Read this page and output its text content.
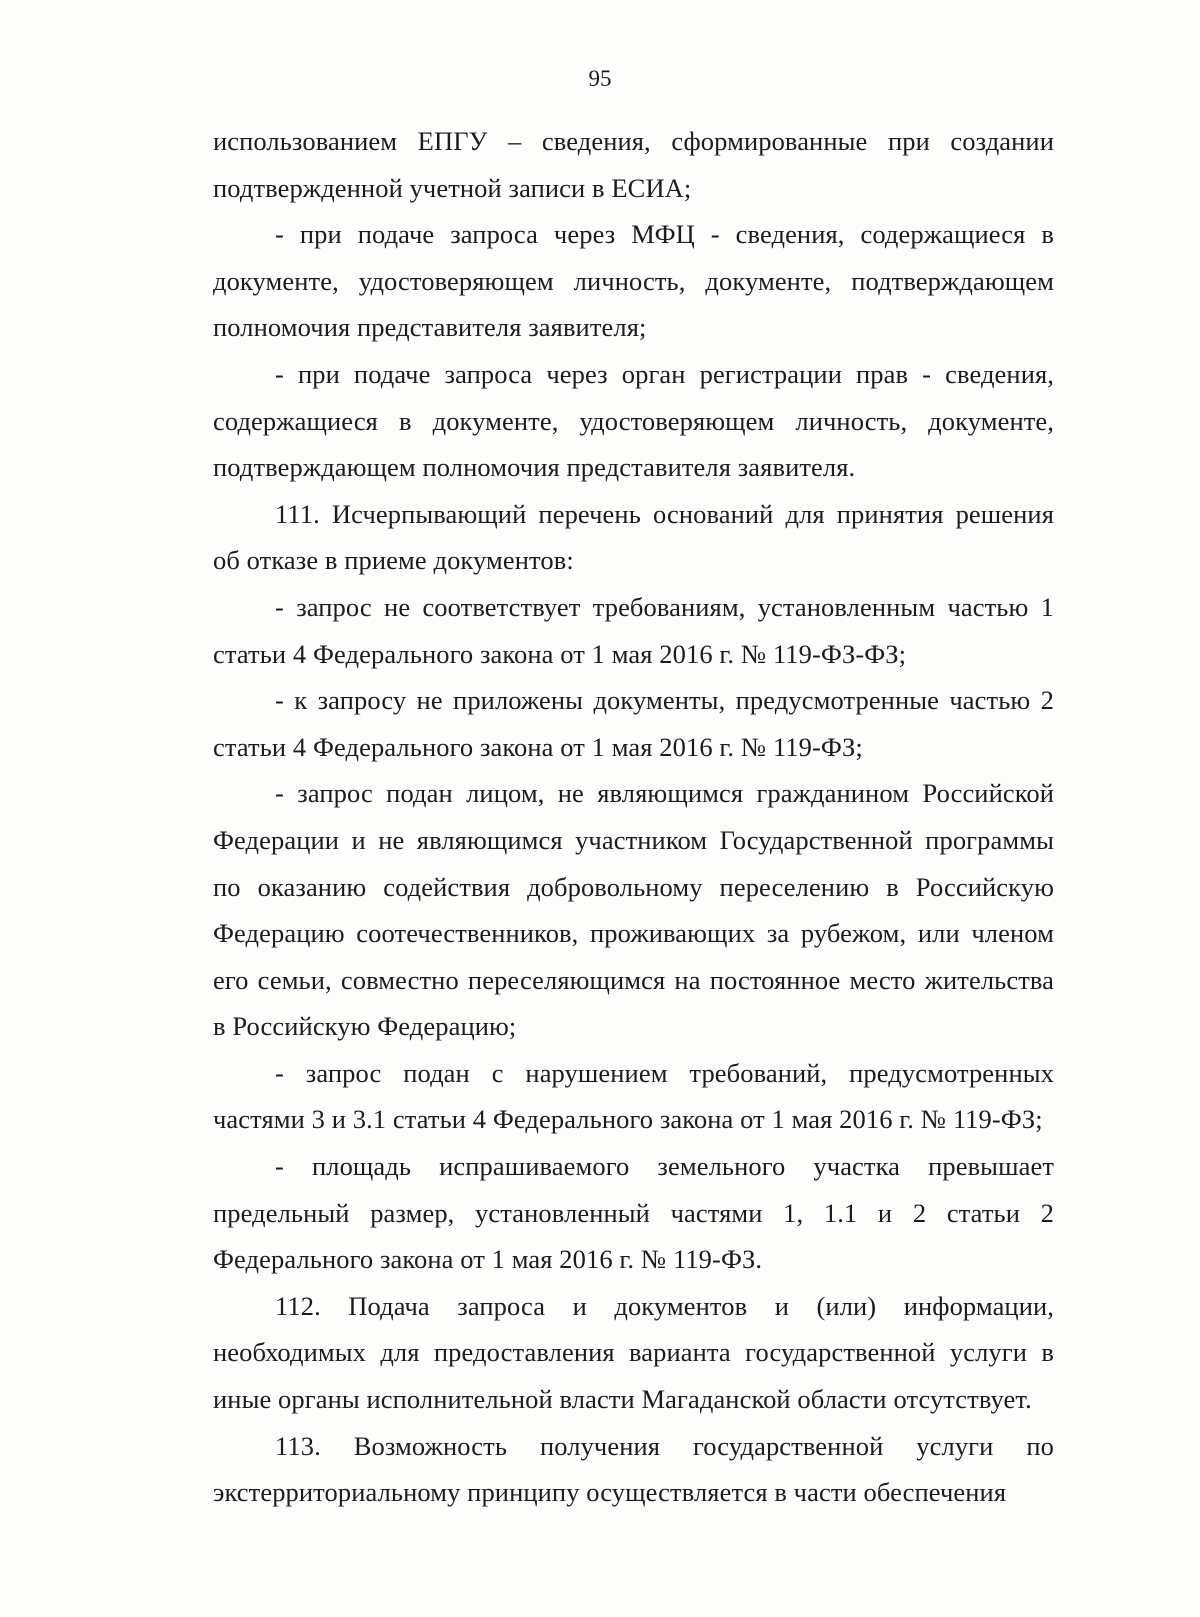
95

использованием ЕПГУ – сведения, сформированные при создании подтвержденной учетной записи в ЕСИА;

- при подаче запроса через МФЦ - сведения, содержащиеся в документе, удостоверяющем личность, документе, подтверждающем полномочия представителя заявителя;

- при подаче запроса через орган регистрации прав - сведения, содержащиеся в документе, удостоверяющем личность, документе, подтверждающем полномочия представителя заявителя.

111. Исчерпывающий перечень оснований для принятия решения об отказе в приеме документов:

- запрос не соответствует требованиям, установленным частью 1 статьи 4 Федерального закона от 1 мая 2016 г. № 119-ФЗ-ФЗ;

- к запросу не приложены документы, предусмотренные частью 2 статьи 4 Федерального закона от 1 мая 2016 г. № 119-ФЗ;

- запрос подан лицом, не являющимся гражданином Российской Федерации и не являющимся участником Государственной программы по оказанию содействия добровольному переселению в Российскую Федерацию соотечественников, проживающих за рубежом, или членом его семьи, совместно переселяющимся на постоянное место жительства в Российскую Федерацию;

- запрос подан с нарушением требований, предусмотренных частями 3 и 3.1 статьи 4 Федерального закона от 1 мая 2016 г. № 119-ФЗ;

- площадь испрашиваемого земельного участка превышает предельный размер, установленный частями 1, 1.1 и 2 статьи 2 Федерального закона от 1 мая 2016 г. № 119-ФЗ.

112. Подача запроса и документов и (или) информации, необходимых для предоставления варианта государственной услуги в иные органы исполнительной власти Магаданской области отсутствует.

113. Возможность получения государственной услуги по экстерриториальному принципу осуществляется в части обеспечения
